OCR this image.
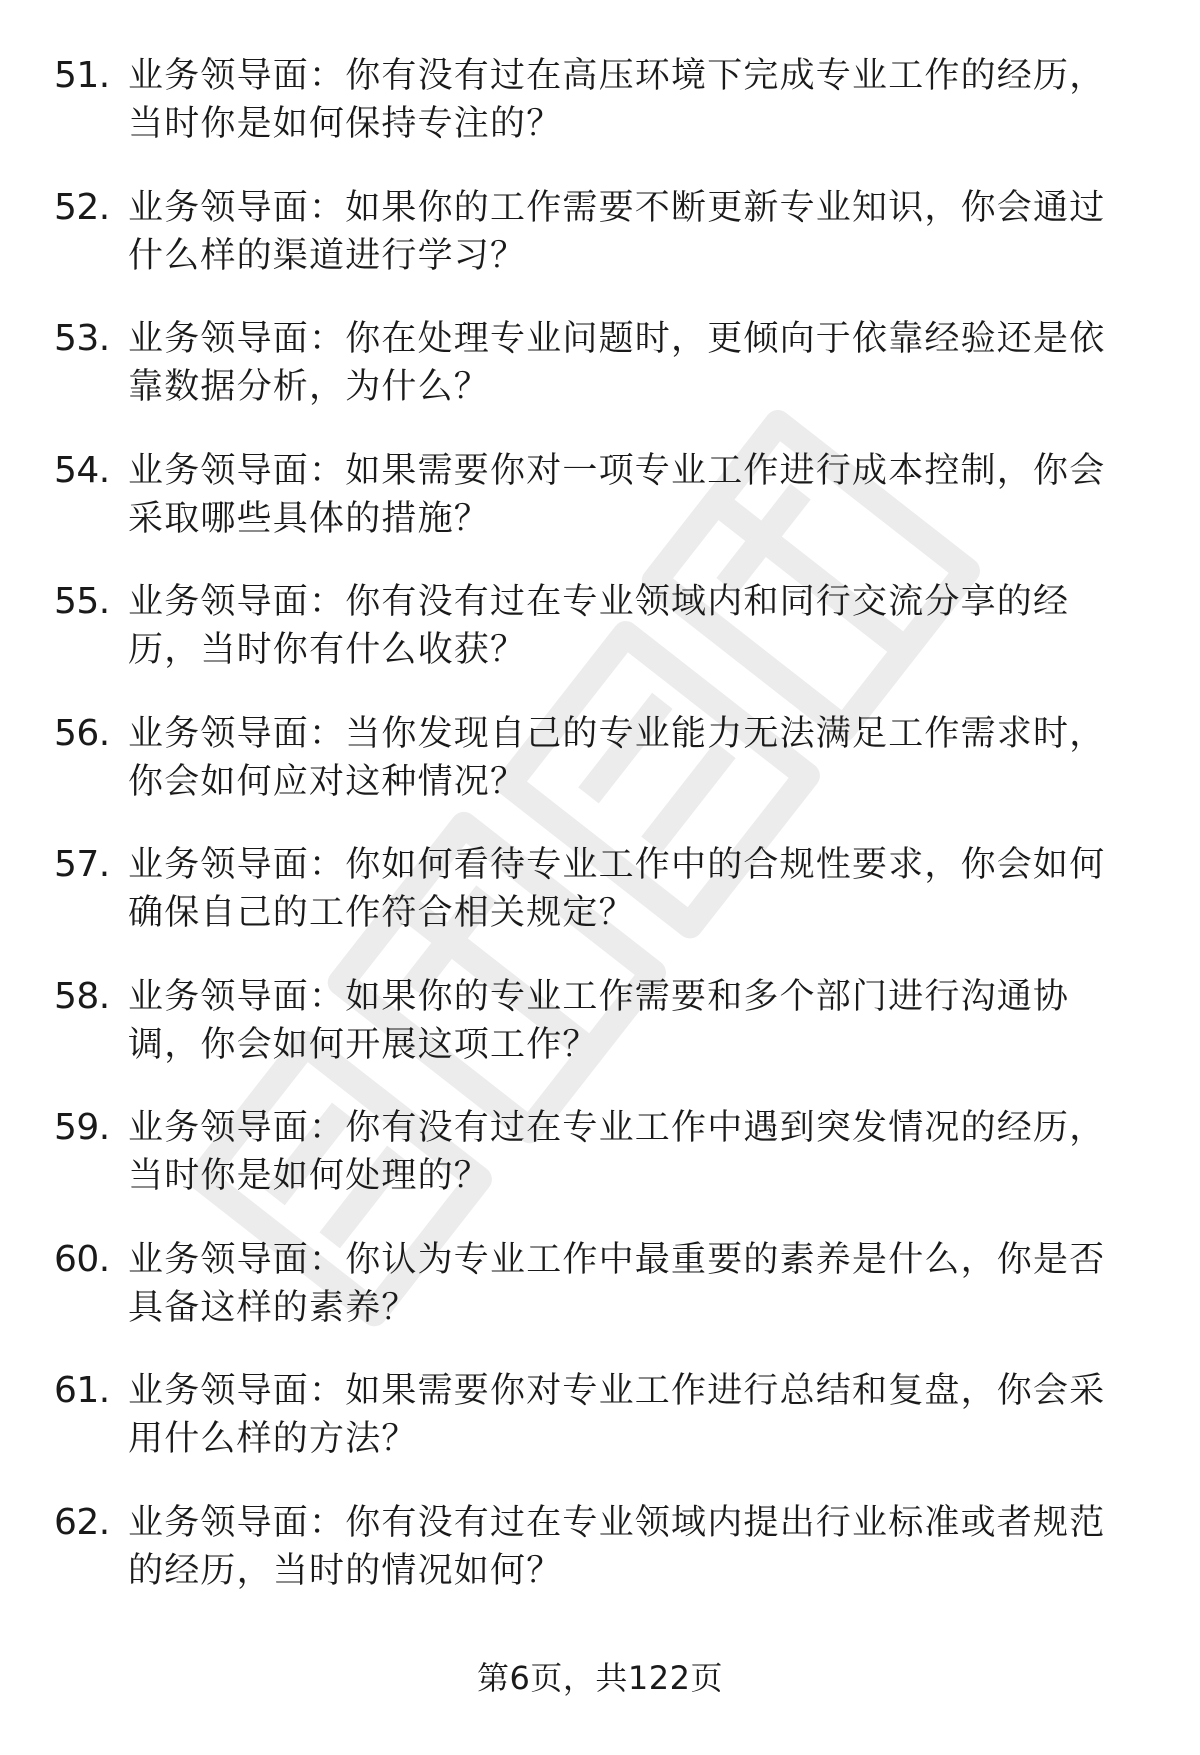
51. 业务领导面：你有没有过在高压环境下完成专业工作的经历，当时你是如何保持专注的？
52. 业务领导面：如果你的工作需要不断更新专业知识，你会通过什么样的渠道进行学习？
53. 业务领导面：你在处理专业问题时，更倾向于依靠经验还是依靠数据分析，为什么？
54. 业务领导面：如果需要你对一项专业工作进行成本控制，你会采取哪些具体的措施？
55. 业务领导面：你有没有过在专业领域内和同行交流分享的经历，当时你有什么收获？
56. 业务领导面：当你发现自己的专业能力无法满足工作需求时，你会如何应对这种情况？
57. 业务领导面：你如何看待专业工作中的合规性要求，你会如何确保自己的工作符合相关规定？
58. 业务领导面：如果你的专业工作需要和多个部门进行沟通协调，你会如何开展这项工作？
59. 业务领导面：你有没有过在专业工作中遇到突发情况的经历，当时你是如何处理的？
60. 业务领导面：你认为专业工作中最重要的素养是什么，你是否具备这样的素养？
61. 业务领导面：如果需要你对专业工作进行总结和复盘，你会采用什么样的方法？
62. 业务领导面：你有没有过在专业领域内提出行业标准或者规范的经历，当时的情况如何？
第6页，共122页
